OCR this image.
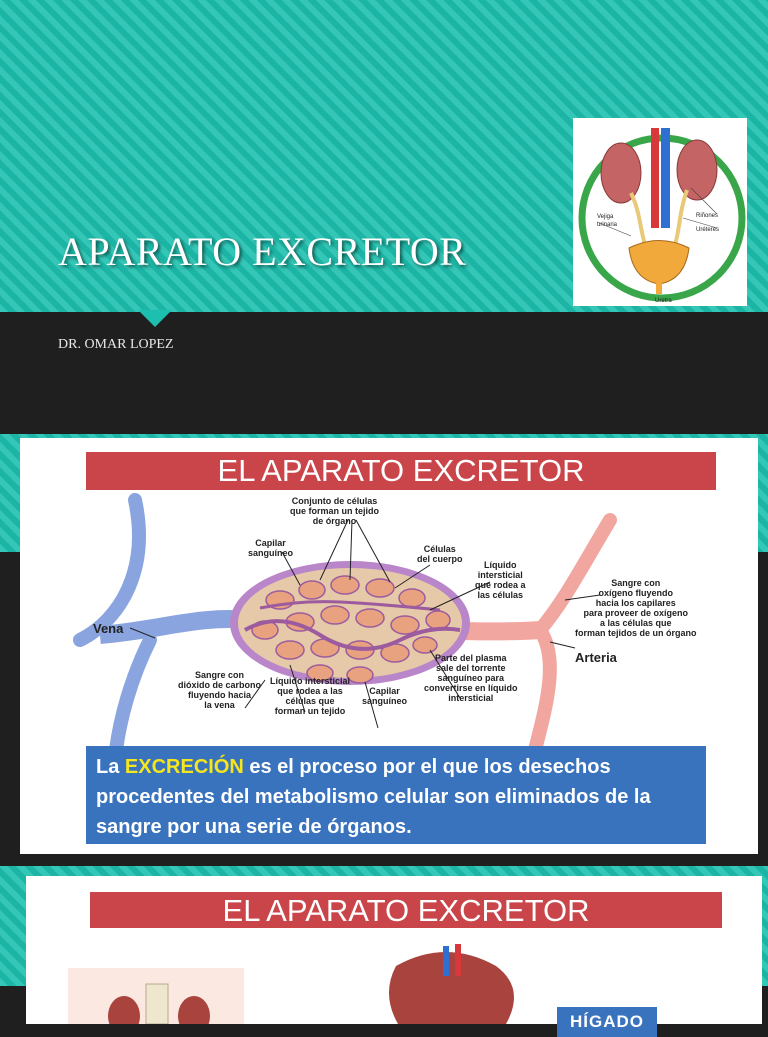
APARATO EXCRETOR
DR. OMAR LOPEZ
Vejiga
urinaria
Riñones
Uréteres
Uretra
EL APARATO EXCRETOR
Conjunto de células
que forman un tejido
de órgano
Capilar
sanguíneo	Células
del cuerpo
Líquido
intersticial
que rodea a
las células
Sangre con
oxígeno fluyendo
hacia los capilares
para proveer de oxígeno
a las células que
forman tejidos de un órgano
Vena
Arteria
Sangre con
dióxido de carbono
fluyendo hacia
la vena
Líquido intersticial
que rodea a las
células que
forman un tejido
Capilar
sanguíneo
Parte del plasma
sale del torrente
sanguíneo para
convertirse en líquido
intersticial
La EXCRECIÓN es el proceso por el que los desechos procedentes del metabolismo celular son eliminados de la sangre por una serie de órganos.
EL APARATO EXCRETOR
HÍGADO
